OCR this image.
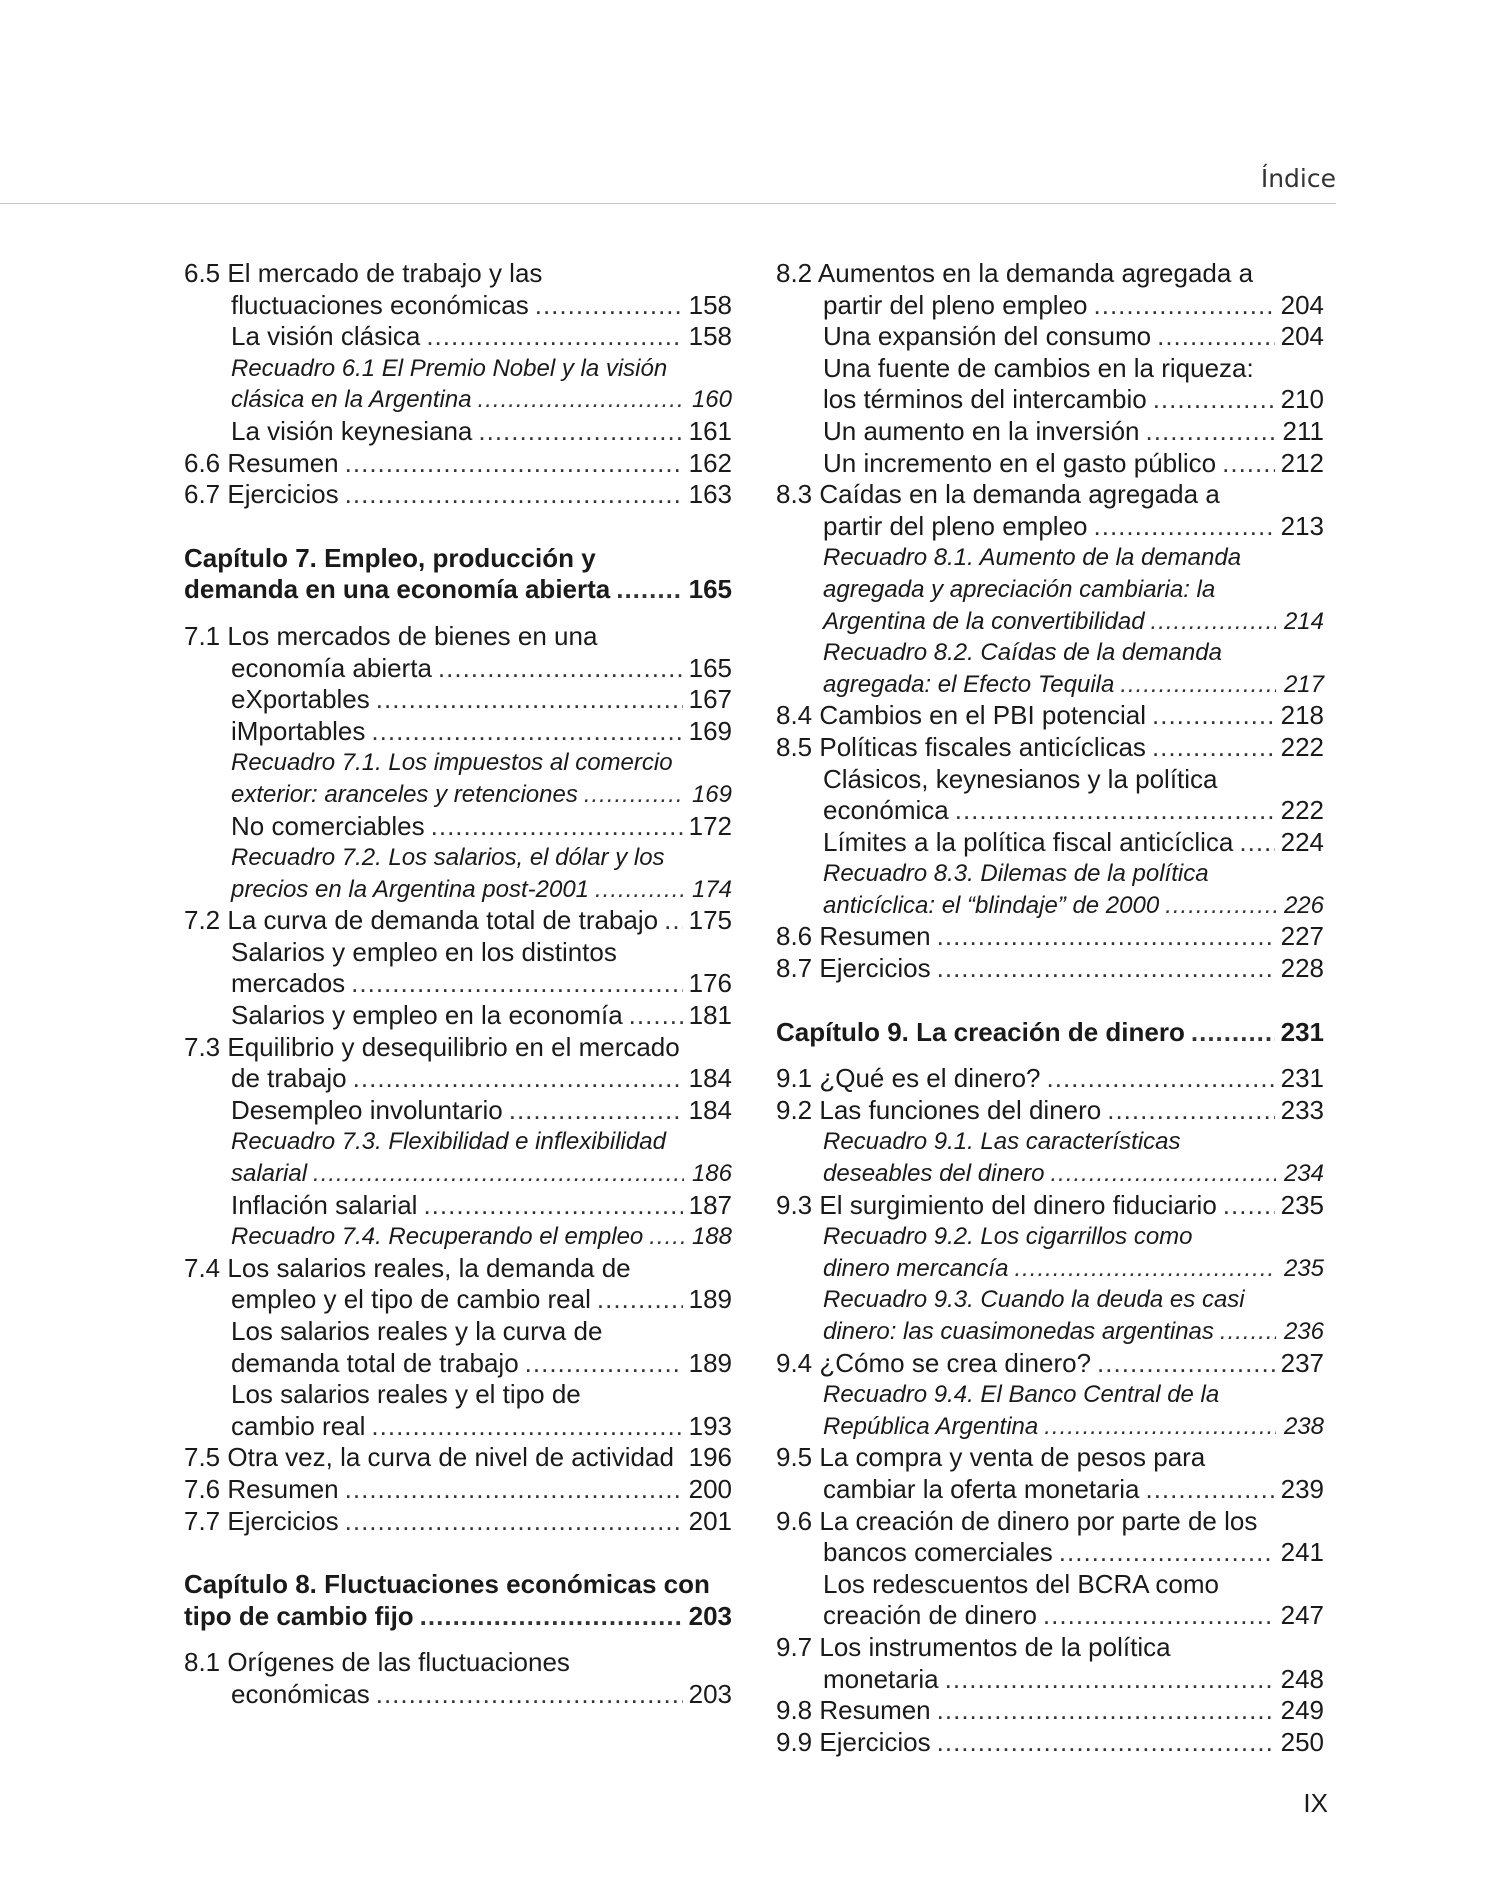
Índice
6.5 El mercado de trabajo y las
fluctuaciones económicas .....	158
La visión clásica .....	158
Recuadro 6.1 El Premio Nobel y la visión
clásica en la Argentina .....	160
La visión keynesiana .....	161
6.6 Resumen .....	162
6.7 Ejercicios .....	163
Capítulo 7. Empleo, producción y
demanda en una economía abierta .....	165
7.1 Los mercados de bienes en una
economía abierta .....	165
eXportables .....	167
iMportables .....	169
Recuadro 7.1. Los impuestos al comercio
exterior: aranceles y retenciones .....	169
No comerciables .....	172
Recuadro 7.2. Los salarios, el dólar y los
precios en la Argentina post-2001 .....	174
7.2 La curva de demanda total de trabajo ..... 175
Salarios y empleo en los distintos
mercados .....	176
Salarios y empleo en la economía .....	181
7.3 Equilibrio y desequilibrio en el mercado
de trabajo .....	184
Desempleo involuntario .....	184
Recuadro 7.3. Flexibilidad e inflexibilidad
salarial .....	186
Inflación salarial .....	187
Recuadro 7.4. Recuperando el empleo ..... 188
7.4 Los salarios reales, la demanda de
empleo y el tipo de cambio real .....	189
Los salarios reales y la curva de
demanda total de trabajo .....	189
Los salarios reales y el tipo de
cambio real .....	193
7.5 Otra vez, la curva de nivel de actividad 196
7.6 Resumen .....	200
7.7 Ejercicios .....	201
Capítulo 8. Fluctuaciones económicas con
tipo de cambio fijo .....	203
8.1 Orígenes de las fluctuaciones
económicas .....	203
8.2 Aumentos en la demanda agregada a
partir del pleno empleo .....	204
Una expansión del consumo .....	204
Una fuente de cambios en la riqueza:
los términos del intercambio .....	210
Un aumento en la inversión .....	211
Un incremento en el gasto público ..... 212
8.3 Caídas en la demanda agregada a
partir del pleno empleo .....	213
Recuadro 8.1. Aumento de la demanda
agregada y apreciación cambiaria: la
Argentina de la convertibilidad .....	214
Recuadro 8.2. Caídas de la demanda
agregada: el Efecto Tequila .....	217
8.4 Cambios en el PBI potencial .....	218
8.5 Políticas fiscales anticíclicas .....	222
Clásicos, keynesianos y la política
económica .....	222
Límites a la política fiscal anticíclica ..... 224
Recuadro 8.3. Dilemas de la política
anticíclica: el “blindaje” de 2000 .....	226
8.6 Resumen .....	227
8.7 Ejercicios .....	228
Capítulo 9. La creación de dinero .....	231
9.1 ¿Qué es el dinero? .....	231
9.2 Las funciones del dinero .....	233
Recuadro 9.1. Las características
deseables del dinero .....	234
9.3 El surgimiento del dinero fiduciario ..... 235
Recuadro 9.2. Los cigarrillos como
dinero mercancía .....	235
Recuadro 9.3. Cuando la deuda es casi
dinero: las cuasimonedas argentinas .....	236
9.4 ¿Cómo se crea dinero? .....	237
Recuadro 9.4. El Banco Central de la
República Argentina .....	238
9.5 La compra y venta de pesos para
cambiar la oferta monetaria .....	239
9.6 La creación de dinero por parte de los
bancos comerciales .....	241
Los redescuentos del BCRA como
creación de dinero .....	247
9.7 Los instrumentos de la política
monetaria .....	248
9.8 Resumen .....	249
9.9 Ejercicios .....	250
IX
